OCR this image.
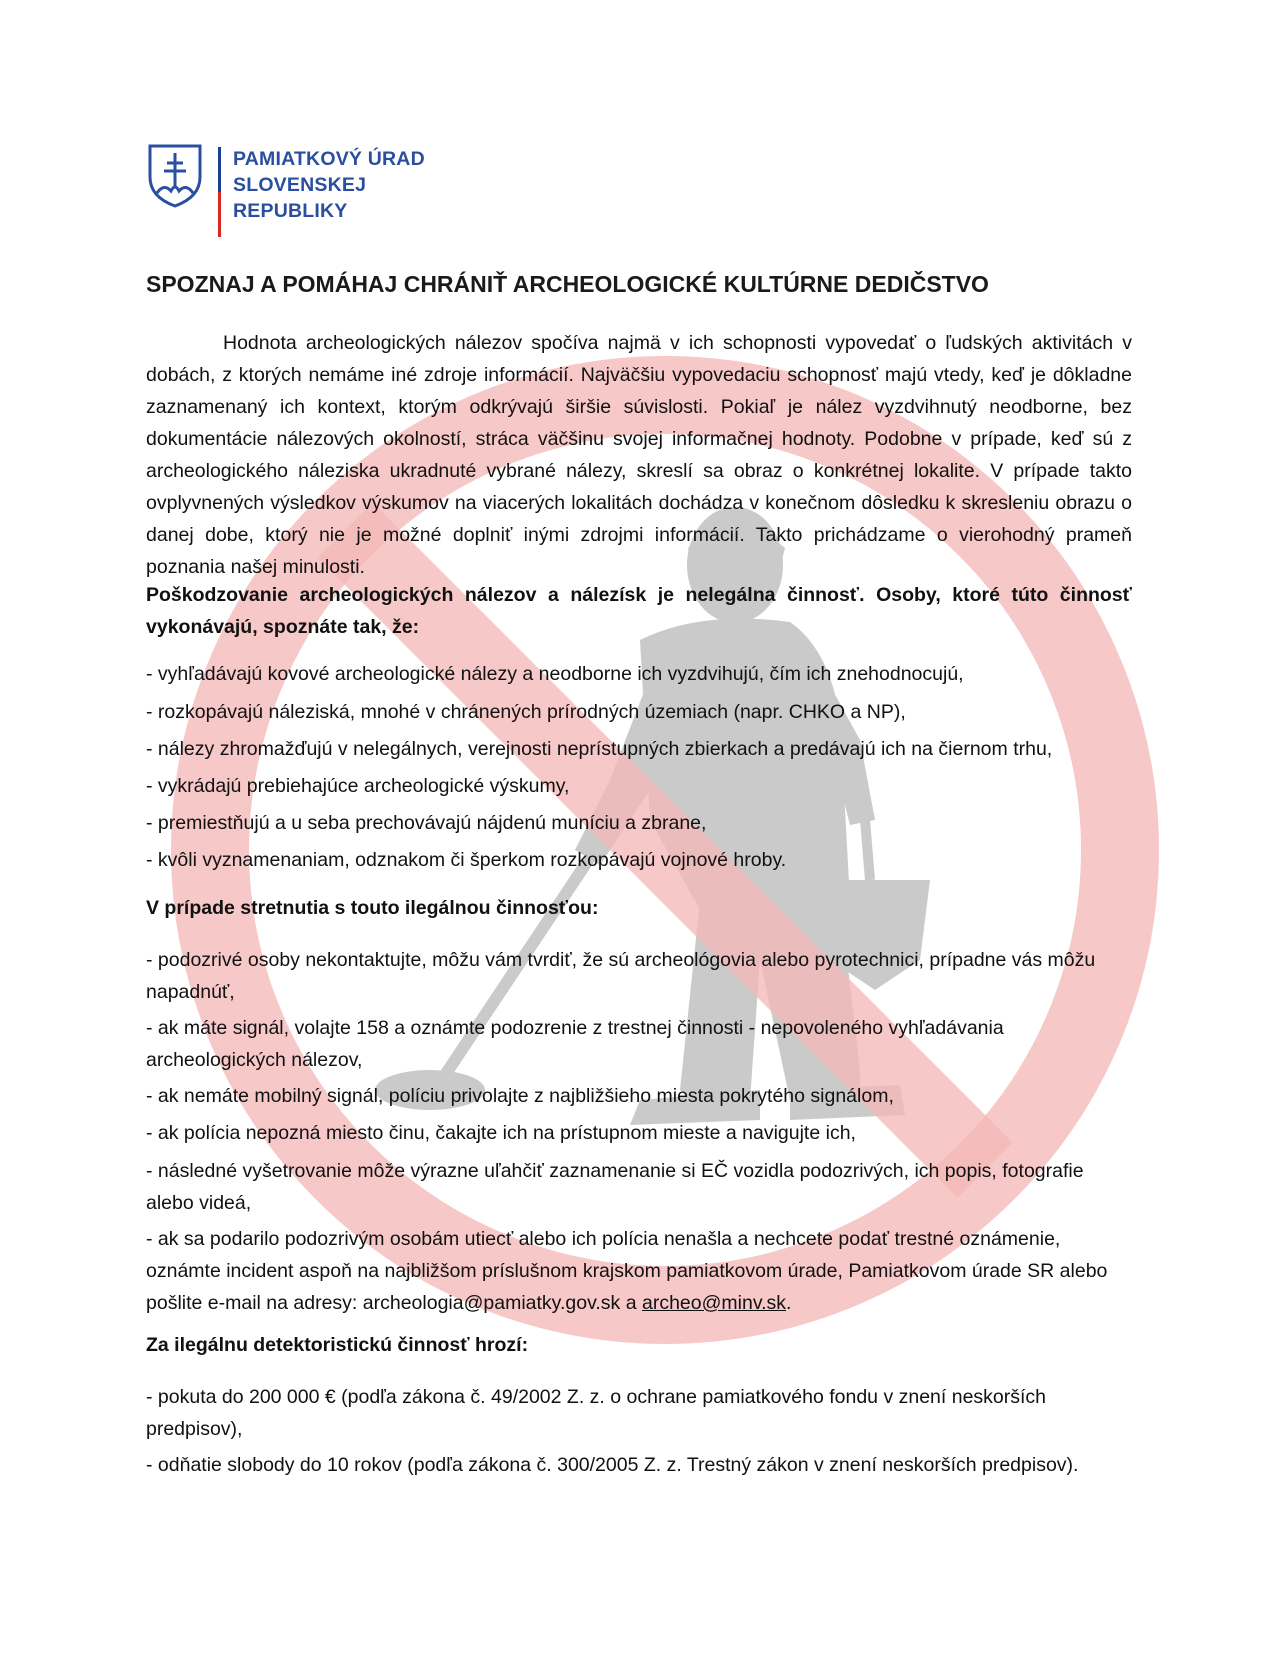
PAMIATKOVÝ ÚRAD
SLOVENSKEJ REPUBLIKY
SPOZNAJ A POMÁHAJ CHRÁNIŤ ARCHEOLOGICKÉ KULTÚRNE DEDIČSTVO

Hodnota archeologických nálezov spočíva najmä v ich schopnosti vypovedať o ľudských aktivitách v dobách, z ktorých nemáme iné zdroje informácií. Najväčšiu vypovedaciu schopnosť majú vtedy, keď je dôkladne zaznamenaný ich kontext, ktorým odkrývajú širšie súvislosti. Pokiaľ je nález vyzdvihnutý neodborne, bez dokumentácie nálezových okolností, stráca väčšinu svojej informačnej hodnoty. Podobne v prípade, keď sú z archeologického náleziska ukradnuté vybrané nálezy, skreslí sa obraz o konkrétnej lokalite. V prípade takto ovplyvnených výsledkov výskumov na viacerých lokalitách dochádza v konečnom dôsledku k skresleniu obrazu o danej dobe, ktorý nie je možné doplniť inými zdrojmi informácií. Takto prichádzame o vierohodný prameň poznania našej minulosti.

Poškodzovanie archeologických nálezov a nálezísk je nelegálna činnosť. Osoby, ktoré túto činnosť vykonávajú, spoznáte tak, že:

- vyhľadávajú kovové archeologické nálezy a neodborne ich vyzdvihujú, čím ich znehodnocujú,

- rozkopávajú náleziská, mnohé v chránených prírodných územiach (napr. CHKO a NP),

- nálezy zhromažďujú v nelegálnych, verejnosti neprístupných zbierkach a predávajú ich na čiernom trhu,

- vykrádajú prebiehajúce archeologické výskumy,

- premiestňujú a u seba prechovávajú nájdenú muníciu a zbrane,

- kvôli vyznamenaniam, odznakom či šperkom rozkopávajú vojnové hroby.

V prípade stretnutia s touto ilegálnou činnosťou:

- podozrivé osoby nekontaktujte, môžu vám tvrdiť, že sú archeológovia alebo pyrotechnici, prípadne vás môžu napadnúť,

- ak máte signál, volajte 158 a oznámte podozrenie z trestnej činnosti - nepovoleného vyhľadávania archeologických nálezov,

- ak nemáte mobilný signál, políciu privolajte z najbližšieho miesta pokrytého signálom,

- ak polícia nepozná miesto činu, čakajte ich na prístupnom mieste a navigujte ich,

- následné vyšetrovanie môže výrazne uľahčiť zaznamenanie si EČ vozidla podozrivých, ich popis, fotografie alebo videá,

- ak sa podarilo podozrivým osobám utiecť alebo ich polícia nenašla a nechcete podať trestné oznámenie, oznámte incident aspoň na najbližšom príslušnom krajskom pamiatkovom úrade, Pamiatkovom úrade SR alebo pošlite e-mail na adresy: archeologia@pamiatky.gov.sk a archeo@minv.sk.

Za ilegálnu detektoristickú činnosť hrozí:

- pokuta do 200 000 € (podľa zákona č. 49/2002 Z. z. o ochrane pamiatkového fondu v znení neskorších predpisov),

- odňatie slobody do 10 rokov (podľa zákona č. 300/2005 Z. z. Trestný zákon v znení neskorších predpisov).
